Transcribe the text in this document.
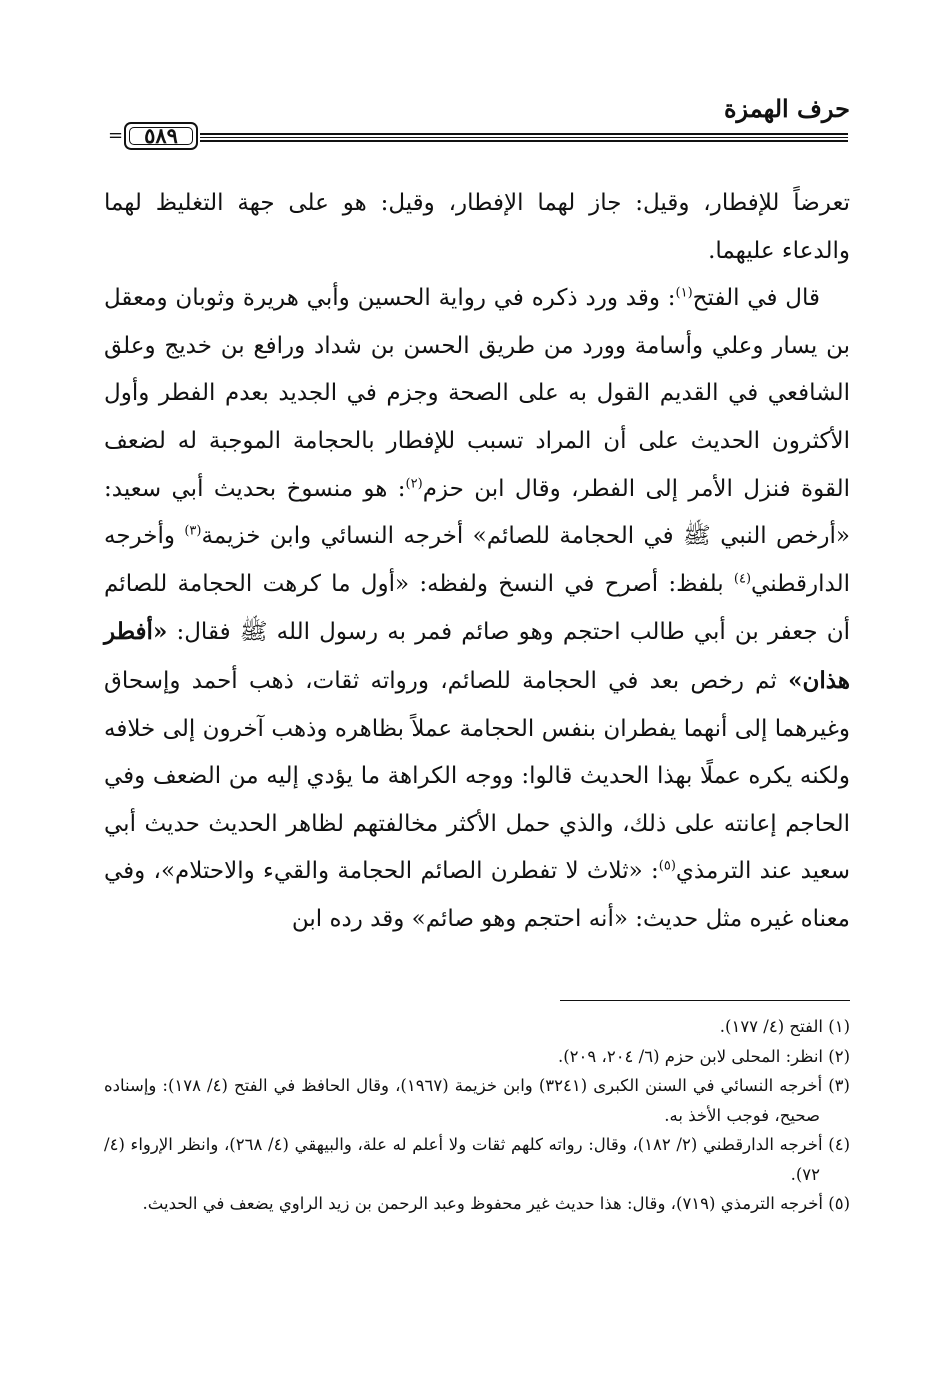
حرف الهمزة
= ٥٨٩

تعرضاً للإفطار، وقيل: جاز لهما الإفطار، وقيل: هو على جهة التغليظ لهما والدعاء عليهما.

قال في الفتح$^{(١)}$: وقد ورد ذكره في رواية الحسين وأبي هريرة وثوبان ومعقل بن يسار وعلي وأسامة وورد من طريق الحسن بن شداد ورافع بن خديج وعلق الشافعي في القديم القول به على الصحة وجزم في الجديد بعدم الفطر وأول الأكثرون الحديث على أن المراد تسبب للإفطار بالحجامة الموجبة له لضعف القوة فنزل الأمر إلى الفطر، وقال ابن حزم$^{(٢)}$: هو منسوخ بحديث أبي سعيد: «أرخص النبي ﷺ في الحجامة للصائم» أخرجه النسائي وابن خزيمة$^{(٣)}$ وأخرجه الدارقطني$^{(٤)}$ بلفظ: أصرح في النسخ ولفظه: «أول ما كرهت الحجامة للصائم أن جعفر بن أبي طالب احتجم وهو صائم فمر به رسول الله ﷺ فقال: «أفطر هذان» ثم رخص بعد في الحجامة للصائم، ورواته ثقات، ذهب أحمد وإسحاق وغيرهما إلى أنهما يفطران بنفس الحجامة عملاً بظاهره وذهب آخرون إلى خلافه ولكنه يكره عملًا بهذا الحديث قالوا: ووجه الكراهة ما يؤدي إليه من الضعف وفي الحاجم إعانته على ذلك، والذي حمل الأكثر مخالفتهم لظاهر الحديث حديث أبي سعيد عند الترمذي$^{(٥)}$: «ثلاث لا تفطرن الصائم الحجامة والقيء والاحتلام»، وفي معناه غيره مثل حديث: «أنه احتجم وهو صائم» وقد رده ابن

(١) الفتح (٤/ ١٧٧).

(٢) انظر: المحلى لابن حزم (٦/ ٢٠٤، ٢٠٩).

(٣) أخرجه النسائي في السنن الكبرى (٣٢٤١) وابن خزيمة (١٩٦٧)، وقال الحافظ في الفتح (٤/ ١٧٨): وإسناده صحيح، فوجب الأخذ به.

(٤) أخرجه الدارقطني (٢/ ١٨٢)، وقال: رواته كلهم ثقات ولا أعلم له علة، والبيهقي (٤/ ٢٦٨)، وانظر الإرواء (٤/ ٧٢).

(٥) أخرجه الترمذي (٧١٩)، وقال: هذا حديث غير محفوظ وعبد الرحمن بن زيد الراوي يضعف في الحديث.
